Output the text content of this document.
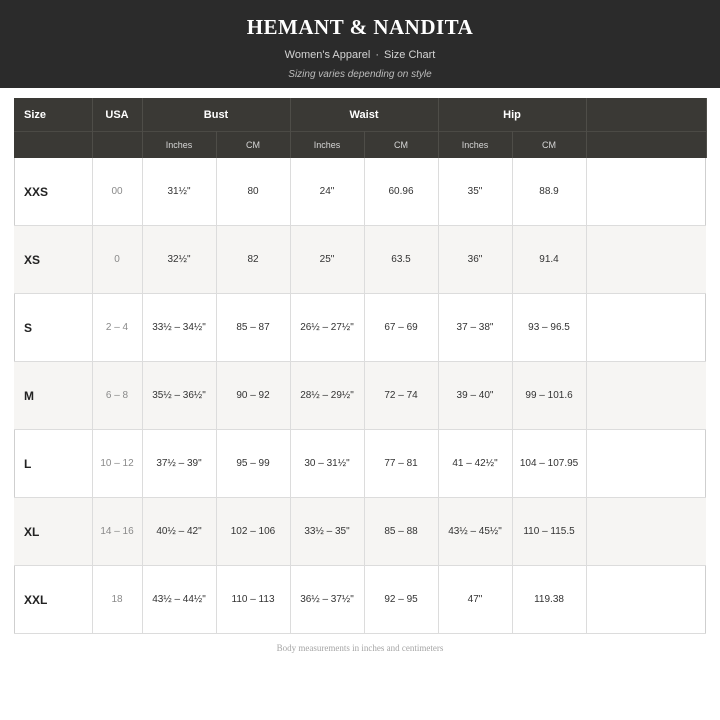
HEMANT & NANDITA
Women's Apparel · Size Chart
Sizing varies depending on style
Size	USA	Bust		Waist		Hip		
		Inches	CM	Inches	CM	Inches	CM	
XXS	00	31½"	80	24"	60.96	35"	88.9	
XS	0	32½"	82	25"	63.5	36"	91.4	
S	2 – 4	33½ – 34½"	85 – 87	26½ – 27½"	67 – 69	37 – 38"	93 – 96.5	
M	6 – 8	35½ – 36½"	90 – 92	28½ – 29½"	72 – 74	39 – 40"	99 – 101.6	
L	10 – 12	37½ – 39"	95 – 99	30 – 31½"	77 – 81	41 – 42½"	104 – 107.95	
XL	14 – 16	40½ – 42"	102 – 106	33½ – 35"	85 – 88	43½ – 45½"	110 – 115.5	
XXL	18	43½ – 44½"	110 – 113	36½ – 37½"	92 – 95	47"	119.38	
Body measurements in inches and centimeters
